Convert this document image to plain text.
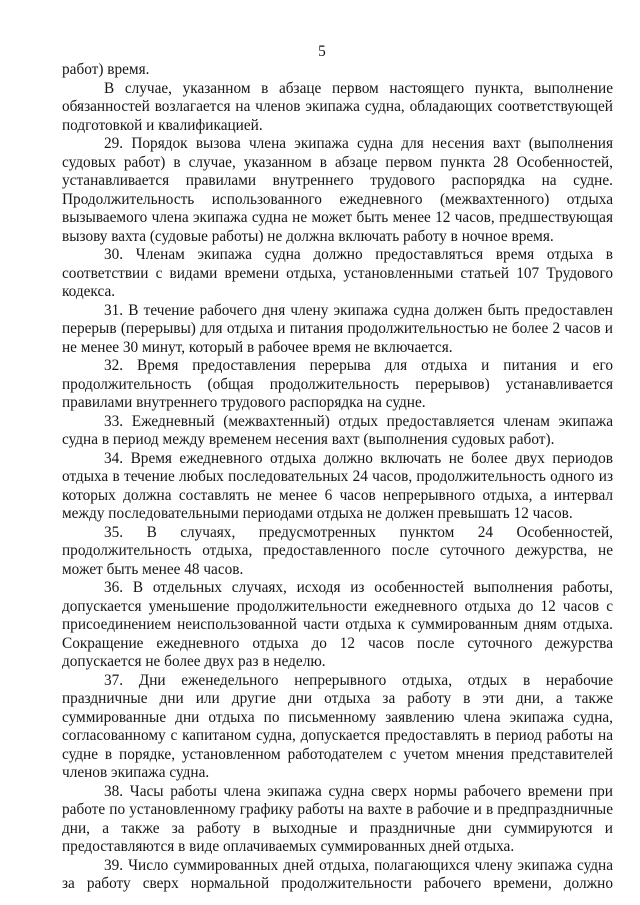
5

работ) время.

В случае, указанном в абзаце первом настоящего пункта, выполнение обязанностей возлагается на членов экипажа судна, обладающих соответствующей подготовкой и квалификацией.

29. Порядок вызова члена экипажа судна для несения вахт (выполнения судовых работ) в случае, указанном в абзаце первом пункта 28 Особенностей, устанавливается правилами внутреннего трудового распорядка на судне. Продолжительность использованного ежедневного (межвахтенного) отдыха вызываемого члена экипажа судна не может быть менее 12 часов, предшествующая вызову вахта (судовые работы) не должна включать работу в ночное время.

30. Членам экипажа судна должно предоставляться время отдыха в соответствии с видами времени отдыха, установленными статьей 107 Трудового кодекса.

31. В течение рабочего дня члену экипажа судна должен быть предоставлен перерыв (перерывы) для отдыха и питания продолжительностью не более 2 часов и не менее 30 минут, который в рабочее время не включается.

32. Время предоставления перерыва для отдыха и питания и его продолжительность (общая продолжительность перерывов) устанавливается правилами внутреннего трудового распорядка на судне.

33. Ежедневный (межвахтенный) отдых предоставляется членам экипажа судна в период между временем несения вахт (выполнения судовых работ).

34. Время ежедневного отдыха должно включать не более двух периодов отдыха в течение любых последовательных 24 часов, продолжительность одного из которых должна составлять не менее 6 часов непрерывного отдыха, а интервал между последовательными периодами отдыха не должен превышать 12 часов.

35. В случаях, предусмотренных пунктом 24 Особенностей, продолжительность отдыха, предоставленного после суточного дежурства, не может быть менее 48 часов.

36. В отдельных случаях, исходя из особенностей выполнения работы, допускается уменьшение продолжительности ежедневного отдыха до 12 часов с присоединением неиспользованной части отдыха к суммированным дням отдыха. Сокращение ежедневного отдыха до 12 часов после суточного дежурства допускается не более двух раз в неделю.

37. Дни еженедельного непрерывного отдыха, отдых в нерабочие праздничные дни или другие дни отдыха за работу в эти дни, а также суммированные дни отдыха по письменному заявлению члена экипажа судна, согласованному с капитаном судна, допускается предоставлять в период работы на судне в порядке, установленном работодателем с учетом мнения представителей членов экипажа судна.

38. Часы работы члена экипажа судна сверх нормы рабочего времени при работе по установленному графику работы на вахте в рабочие и в предпраздничные дни, а также за работу в выходные и праздничные дни суммируются и предоставляются в виде оплачиваемых суммированных дней отдыха.

39. Число суммированных дней отдыха, полагающихся члену экипажа судна за работу сверх нормальной продолжительности рабочего времени, должно
